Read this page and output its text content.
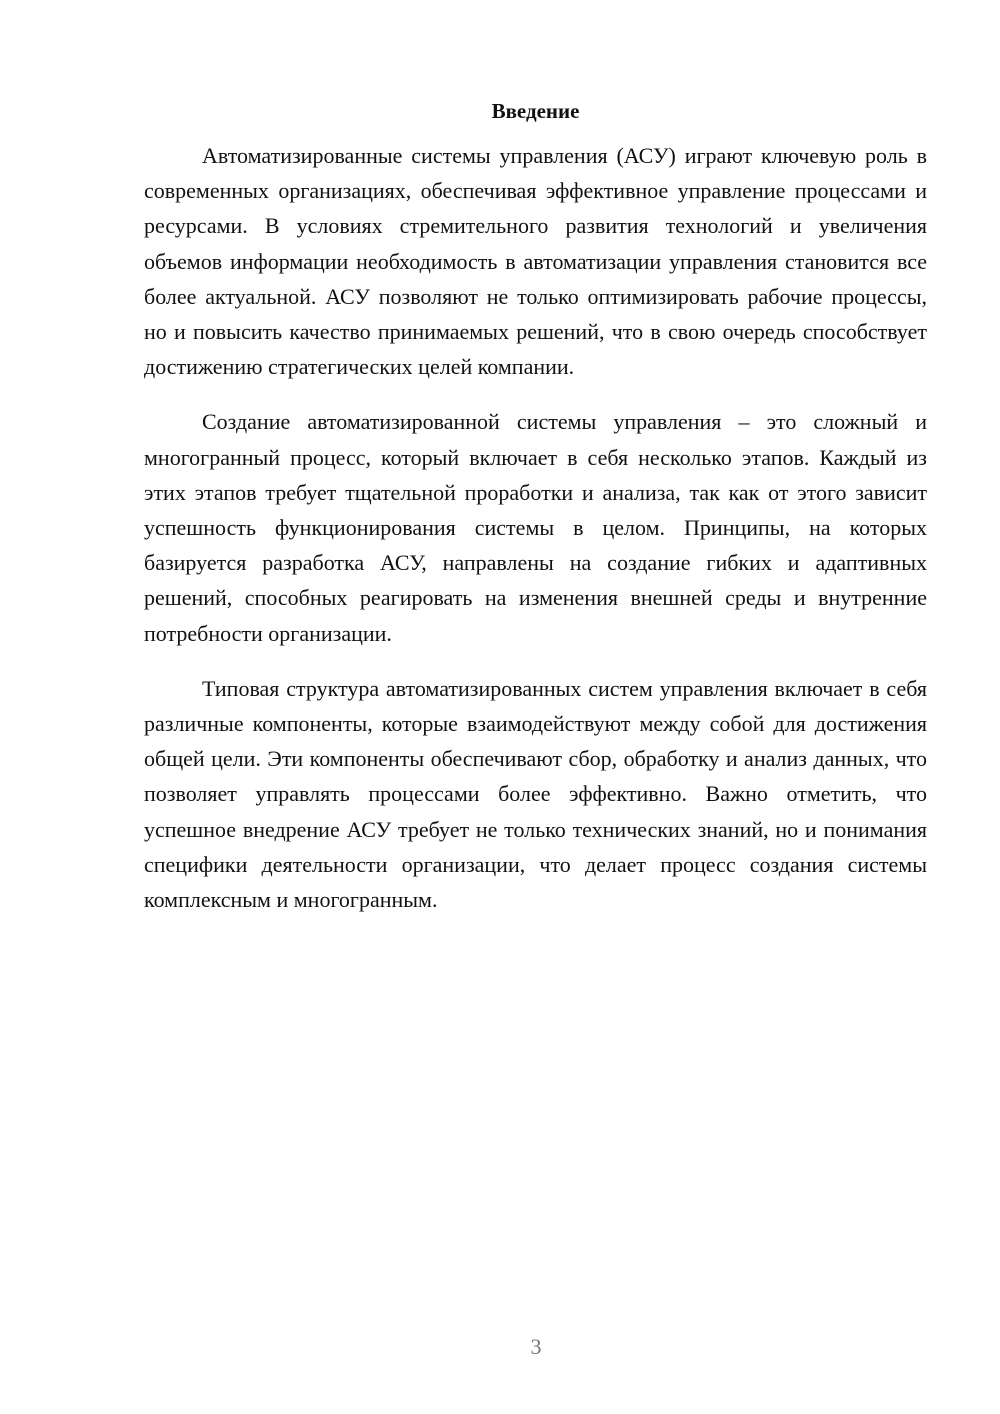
Введение

Автоматизированные системы управления (АСУ) играют ключевую роль в современных организациях, обеспечивая эффективное управление процессами и ресурсами. В условиях стремительного развития технологий и увеличения объемов информации необходимость в автоматизации управления становится все более актуальной. АСУ позволяют не только оптимизировать рабочие процессы, но и повысить качество принимаемых решений, что в свою очередь способствует достижению стратегических целей компании.

Создание автоматизированной системы управления – это сложный и многогранный процесс, который включает в себя несколько этапов. Каждый из этих этапов требует тщательной проработки и анализа, так как от этого зависит успешность функционирования системы в целом. Принципы, на которых базируется разработка АСУ, направлены на создание гибких и адаптивных решений, способных реагировать на изменения внешней среды и внутренние потребности организации.

Типовая структура автоматизированных систем управления включает в себя различные компоненты, которые взаимодействуют между собой для достижения общей цели. Эти компоненты обеспечивают сбор, обработку и анализ данных, что позволяет управлять процессами более эффективно. Важно отметить, что успешное внедрение АСУ требует не только технических знаний, но и понимания специфики деятельности организации, что делает процесс создания системы комплексным и многогранным.

3
